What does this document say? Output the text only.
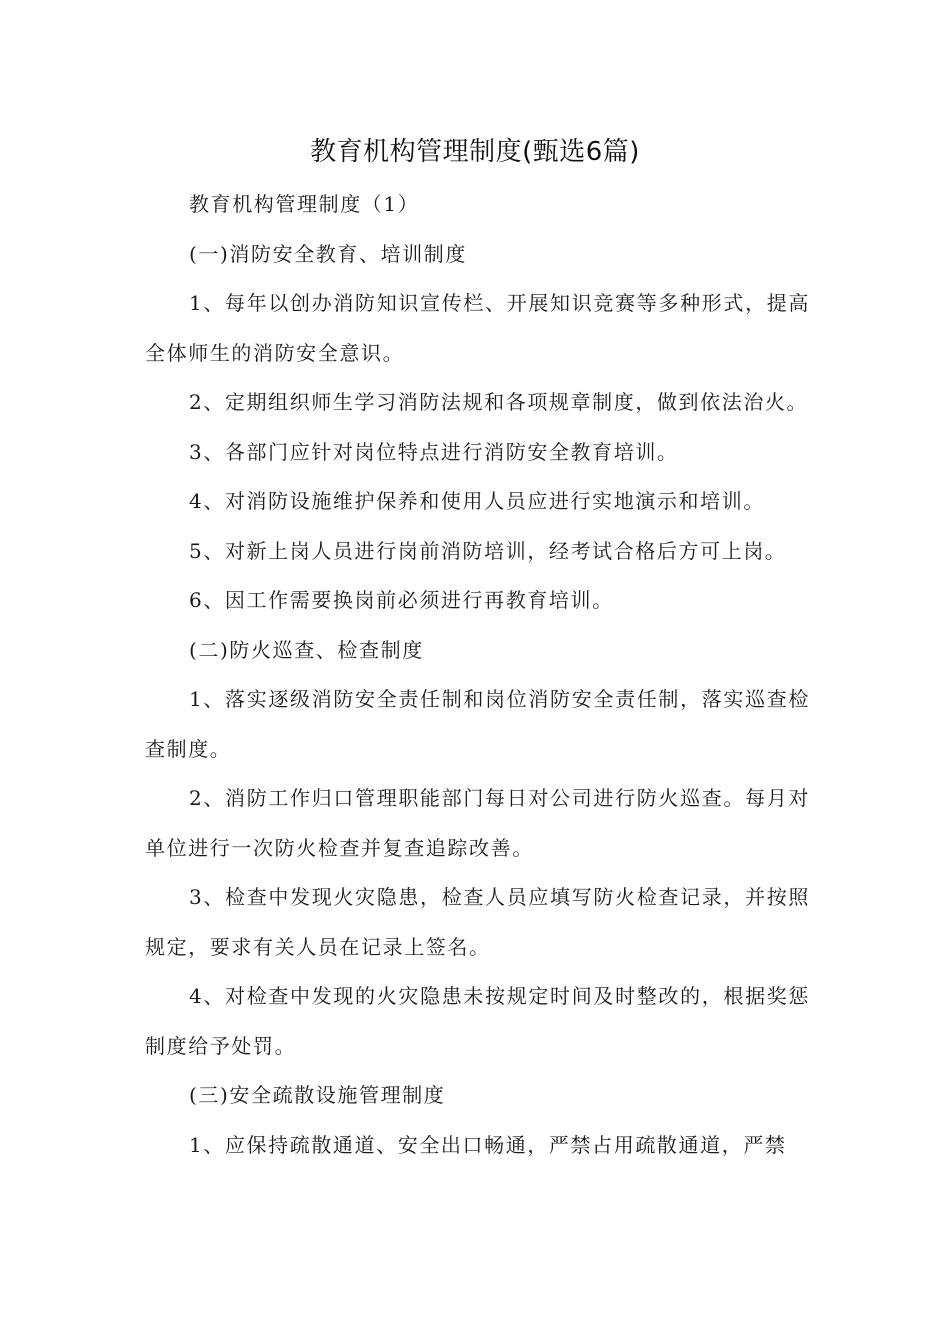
教育机构管理制度(甄选6篇)

教育机构管理制度（1）

(一)消防安全教育、培训制度

1、每年以创办消防知识宣传栏、开展知识竞赛等多种形式，提高全体师生的消防安全意识。

2、定期组织师生学习消防法规和各项规章制度，做到依法治火。

3、各部门应针对岗位特点进行消防安全教育培训。

4、对消防设施维护保养和使用人员应进行实地演示和培训。

5、对新上岗人员进行岗前消防培训，经考试合格后方可上岗。

6、因工作需要换岗前必须进行再教育培训。

(二)防火巡查、检查制度

1、落实逐级消防安全责任制和岗位消防安全责任制，落实巡查检查制度。

2、消防工作归口管理职能部门每日对公司进行防火巡查。每月对单位进行一次防火检查并复查追踪改善。

3、检查中发现火灾隐患，检查人员应填写防火检查记录，并按照规定，要求有关人员在记录上签名。

4、对检查中发现的火灾隐患未按规定时间及时整改的，根据奖惩制度给予处罚。

(三)安全疏散设施管理制度

1、应保持疏散通道、安全出口畅通，严禁占用疏散通道，严禁
